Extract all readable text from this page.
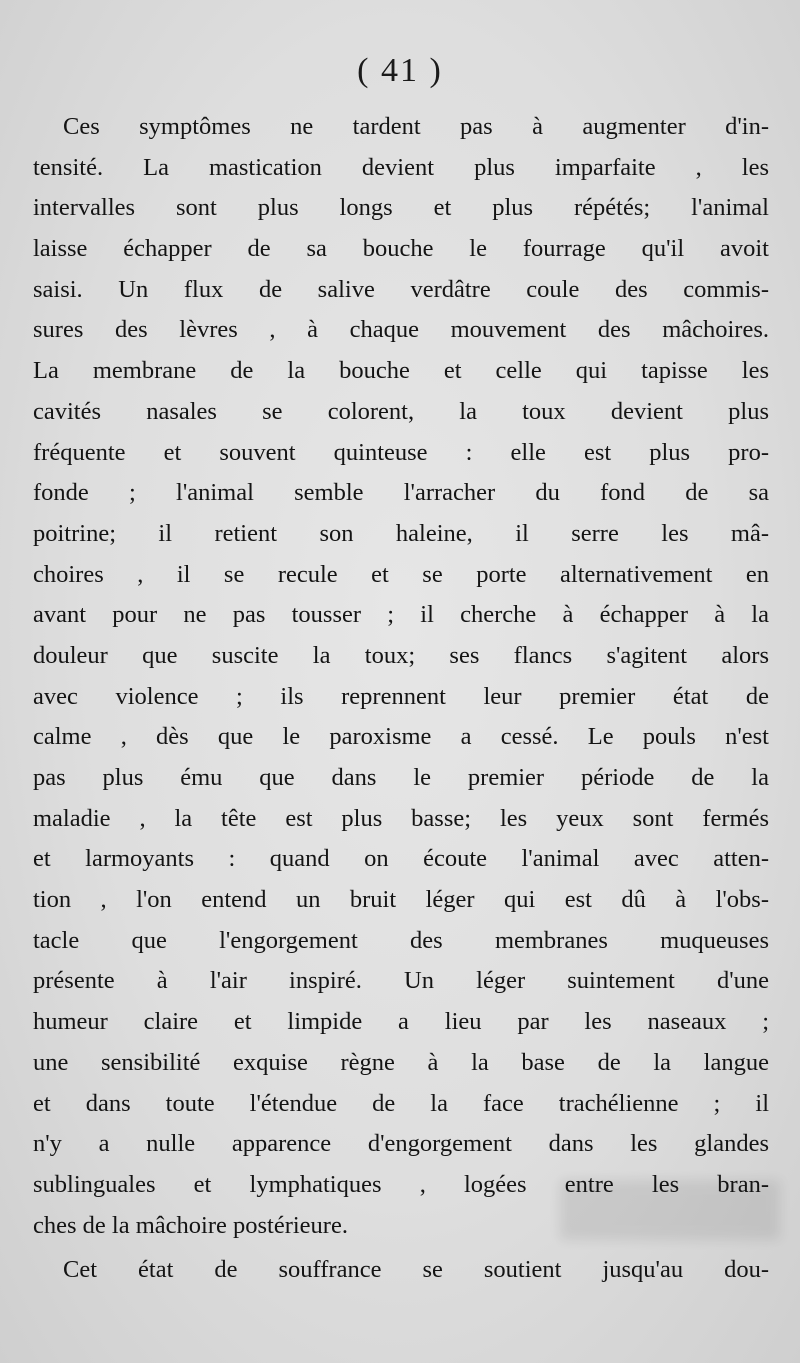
( 41 )
Ces symptômes ne tardent pas à augmenter d'in-
tensité. La mastication devient plus imparfaite , les
intervalles sont plus longs et plus répétés; l'animal
laisse échapper de sa bouche le fourrage qu'il avoit
saisi. Un flux de salive verdâtre coule des commis-
sures des lèvres , à chaque mouvement des mâchoires.
La membrane de la bouche et celle qui tapisse les
cavités nasales se colorent, la toux devient plus
fréquente et souvent quinteuse : elle est plus pro-
fonde ; l'animal semble l'arracher du fond de sa
poitrine; il retient son haleine, il serre les mâ-
choires , il se recule et se porte alternativement en
avant pour ne pas tousser ; il cherche à échapper à la
douleur que suscite la toux; ses flancs s'agitent alors
avec violence ; ils reprennent leur premier état de
calme , dès que le paroxisme a cessé. Le pouls n'est
pas plus ému que dans le premier période de la
maladie , la tête est plus basse; les yeux sont fermés
et larmoyants : quand on écoute l'animal avec atten-
tion , l'on entend un bruit léger qui est dû à l'obs-
tacle que l'engorgement des membranes muqueuses
présente à l'air inspiré. Un léger suintement d'une
humeur claire et limpide a lieu par les naseaux ;
une sensibilité exquise règne à la base de la langue
et dans toute l'étendue de la face trachélienne ; il
n'y a nulle apparence d'engorgement dans les glandes
sublinguales et lymphatiques , logées entre les bran-
ches de la mâchoire postérieure.
Cet état de souffrance se soutient jusqu'au dou-
